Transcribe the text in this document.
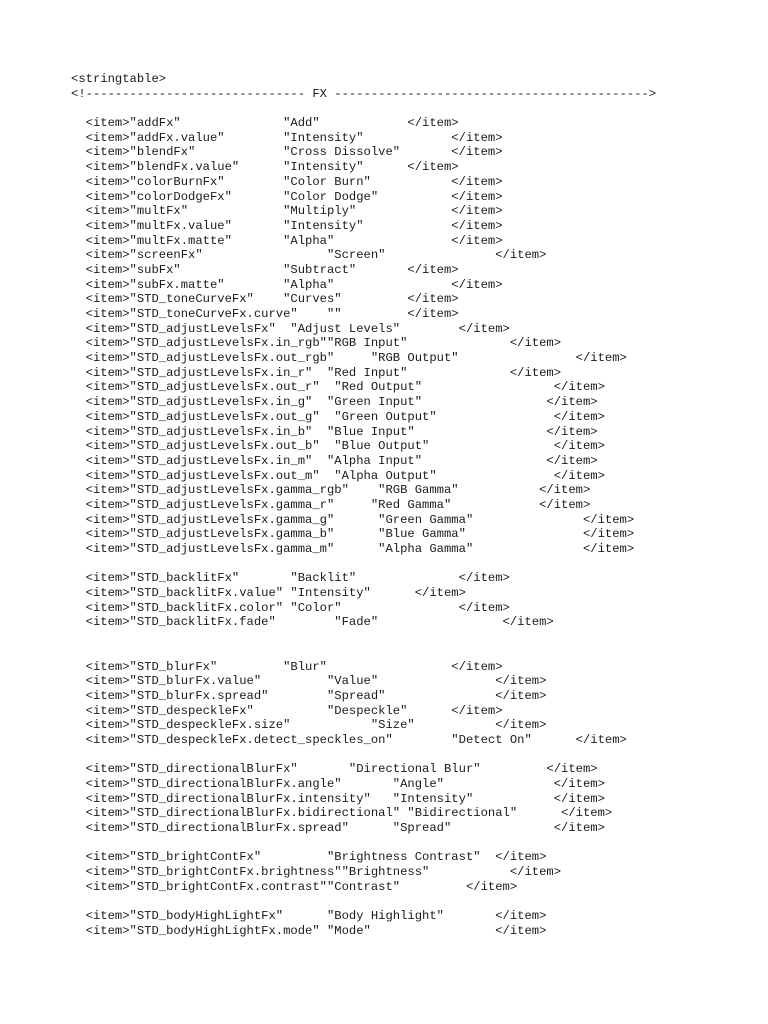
<stringtable>
<!------------------------------ FX ------------------------------------------->
<item>"addFx"              "Add"            </item>
<item>"addFx.value"        "Intensity"            </item>
<item>"blendFx"            "Cross Dissolve"       </item>
<item>"blendFx.value"      "Intensity"      </item>
<item>"colorBurnFx"        "Color Burn"           </item>
<item>"colorDodgeFx"       "Color Dodge"          </item>
<item>"multFx"             "Multiply"             </item>
<item>"multFx.value"       "Intensity"            </item>
<item>"multFx.matte"       "Alpha"                </item>
<item>"screenFx"                 "Screen"               </item>
<item>"subFx"              "Subtract"       </item>
<item>"subFx.matte"        "Alpha"                </item>
<item>"STD_toneCurveFx"    "Curves"         </item>
<item>"STD_toneCurveFx.curve"    ""         </item>
<item>"STD_adjustLevelsFx"  "Adjust Levels"        </item>
<item>"STD_adjustLevelsFx.in_rgb""RGB Input"              </item>
<item>"STD_adjustLevelsFx.out_rgb"     "RGB Output"                </item>
<item>"STD_adjustLevelsFx.in_r"  "Red Input"              </item>
<item>"STD_adjustLevelsFx.out_r"  "Red Output"                  </item>
<item>"STD_adjustLevelsFx.in_g"  "Green Input"                 </item>
<item>"STD_adjustLevelsFx.out_g"  "Green Output"                </item>
<item>"STD_adjustLevelsFx.in_b"  "Blue Input"                  </item>
<item>"STD_adjustLevelsFx.out_b"  "Blue Output"                 </item>
<item>"STD_adjustLevelsFx.in_m"  "Alpha Input"                 </item>
<item>"STD_adjustLevelsFx.out_m"  "Alpha Output"                </item>
<item>"STD_adjustLevelsFx.gamma_rgb"    "RGB Gamma"           </item>
<item>"STD_adjustLevelsFx.gamma_r"     "Red Gamma"            </item>
<item>"STD_adjustLevelsFx.gamma_g"      "Green Gamma"               </item>
<item>"STD_adjustLevelsFx.gamma_b"      "Blue Gamma"                </item>
<item>"STD_adjustLevelsFx.gamma_m"      "Alpha Gamma"               </item>
<item>"STD_backlitFx"       "Backlit"              </item>
<item>"STD_backlitFx.value" "Intensity"      </item>
<item>"STD_backlitFx.color" "Color"                </item>
<item>"STD_backlitFx.fade"        "Fade"                 </item>
<item>"STD_blurFx"         "Blur"                 </item>
<item>"STD_blurFx.value"         "Value"                </item>
<item>"STD_blurFx.spread"        "Spread"               </item>
<item>"STD_despeckleFx"          "Despeckle"      </item>
<item>"STD_despeckleFx.size"           "Size"           </item>
<item>"STD_despeckleFx.detect_speckles_on"        "Detect On"      </item>
<item>"STD_directionalBlurFx"       "Directional Blur"         </item>
<item>"STD_directionalBlurFx.angle"       "Angle"               </item>
<item>"STD_directionalBlurFx.intensity"   "Intensity"           </item>
<item>"STD_directionalBlurFx.bidirectional" "Bidirectional"      </item>
<item>"STD_directionalBlurFx.spread"      "Spread"              </item>
<item>"STD_brightContFx"         "Brightness Contrast"  </item>
<item>"STD_brightContFx.brightness""Brightness"           </item>
<item>"STD_brightContFx.contrast""Contrast"         </item>
<item>"STD_bodyHighLightFx"      "Body Highlight"       </item>
<item>"STD_bodyHighLightFx.mode" "Mode"                 </item>
